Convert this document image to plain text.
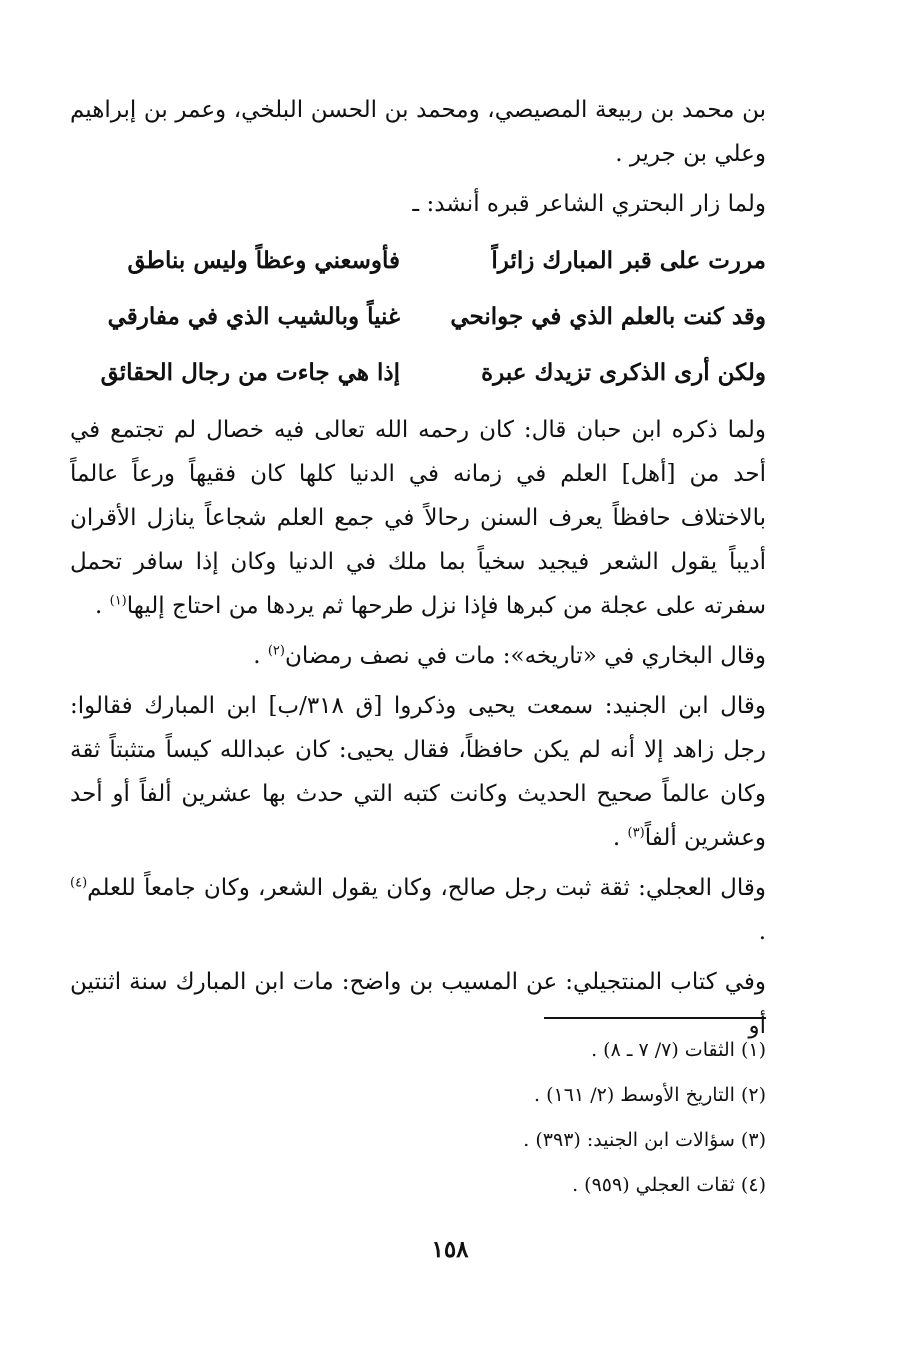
بن محمد بن ربيعة المصيصي، ومحمد بن الحسن البلخي، وعمر بن إبراهيم وعلي بن جرير .

ولما زار البحتري الشاعر قبره أنشد: ـ

مررت على قبر المبارك زائراً
فأوسعني وعظاً وليس بناطق
وقد كنت بالعلم الذي في جوانحي
غنياً وبالشيب الذي في مفارقي
ولكن أرى الذكرى تزيدك عبرة
إذا هي جاءت من رجال الحقائق

ولما ذكره ابن حبان قال: كان رحمه الله تعالى فيه خصال لم تجتمع في أحد من [أهل] العلم في زمانه في الدنيا كلها كان فقيهاً ورعاً عالماً بالاختلاف حافظاً يعرف السنن رحالاً في جمع العلم شجاعاً ينازل الأقران أديباً يقول الشعر فيجيد سخياً بما ملك في الدنيا وكان إذا سافر تحمل سفرته على عجلة من كبرها فإذا نزل طرحها ثم يردها من احتاج إليها$^{(١)}$ .

وقال البخاري في «تاريخه»: مات في نصف رمضان$^{(٢)}$ .

وقال ابن الجنيد: سمعت يحيى وذكروا [ق ٣١٨/ب] ابن المبارك فقالوا: رجل زاهد إلا أنه لم يكن حافظاً، فقال يحيى: كان عبدالله كيساً متثبتاً ثقة وكان عالماً صحيح الحديث وكانت كتبه التي حدث بها عشرين ألفاً أو أحد وعشرين ألفاً$^{(٣)}$ .

وقال العجلي: ثقة ثبت رجل صالح، وكان يقول الشعر، وكان جامعاً للعلم$^{(٤)}$ .

وفي كتاب المنتجيلي: عن المسيب بن واضح: مات ابن المبارك سنة اثنتين أو

(١) الثقات (٧/ ٧ ـ ٨) .
(٢) التاريخ الأوسط (٢/ ١٦١) .
(٣) سؤالات ابن الجنيد: (٣٩٣) .
(٤) ثقات العجلي (٩٥٩) .
١٥٨
